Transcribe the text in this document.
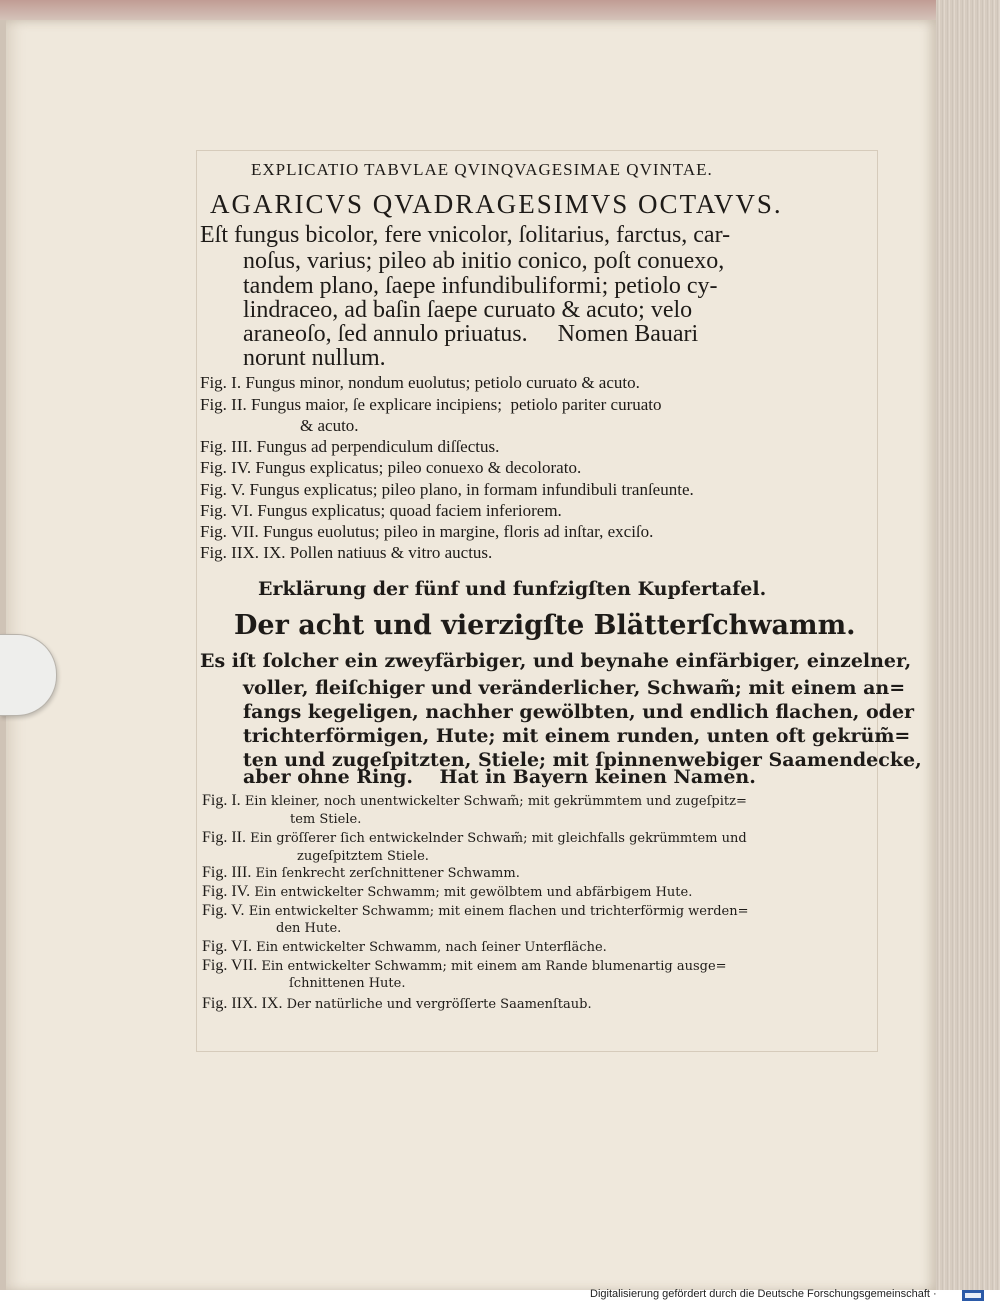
EXPLICATIO TABVLAE QVINQVAGESIMAE QVINTAE.
AGARICVS QVADRAGESIMVS OCTAVVS.
Eſt fungus bicolor, fere vnicolor, ſolitarius, farctus, car-
noſus, varius; pileo ab initio conico, poſt conuexo,
tandem plano, ſaepe infundibuliformi; petiolo cy-
lindraceo, ad baſin ſaepe curuato & acuto; velo
araneoſo, ſed annulo priuatus.     Nomen Bauari
norunt nullum.
Fig. I. Fungus minor, nondum euolutus; petiolo curuato & acuto.
Fig. II. Fungus maior, ſe explicare incipiens;  petiolo pariter curuato
& acuto.
Fig. III. Fungus ad perpendiculum diſſectus.
Fig. IV. Fungus explicatus; pileo conuexo & decolorato.
Fig. V. Fungus explicatus; pileo plano, in formam infundibuli tranſeunte.
Fig. VI. Fungus explicatus; quoad faciem inferiorem.
Fig. VII. Fungus euolutus; pileo in margine, floris ad inſtar, exciſo.
Fig. IIX. IX. Pollen natiuus & vitro auctus.
Erklärung der fünf und funfzigſten Kupfertafel.
Der acht und vierzigſte Blätterſchwamm.
Es iſt ſolcher ein zweyfärbiger, und beynahe einfärbiger, einzelner,
voller, fleiſchiger und veränderlicher, Schwam̃; mit einem an=
fangs kegeligen, nachher gewölbten, und endlich flachen, oder
trichterförmigen, Hute; mit einem runden, unten oft gekrüm̃=
ten und zugeſpitzten, Stiele; mit ſpinnenwebiger Saamendecke,
aber ohne Ring.    Hat in Bayern keinen Namen.
Fig. I. Ein kleiner, noch unentwickelter Schwam̃; mit gekrümmtem und zugeſpitz=
tem Stiele.
Fig. II. Ein gröſſerer ſich entwickelnder Schwam̃; mit gleichfalls gekrümmtem und
zugeſpitztem Stiele.
Fig. III. Ein ſenkrecht zerſchnittener Schwamm.
Fig. IV. Ein entwickelter Schwamm; mit gewölbtem und abfärbigem Hute.
Fig. V. Ein entwickelter Schwamm; mit einem flachen und trichterförmig werden=
den Hute.
Fig. VI. Ein entwickelter Schwamm, nach ſeiner Unterfläche.
Fig. VII. Ein entwickelter Schwamm; mit einem am Rande blumenartig ausge=
ſchnittenen Hute.
Fig. IIX. IX. Der natürliche und vergröſſerte Saamenſtaub.
Digitalisierung gefördert durch die Deutsche Forschungsgemeinschaft ·
